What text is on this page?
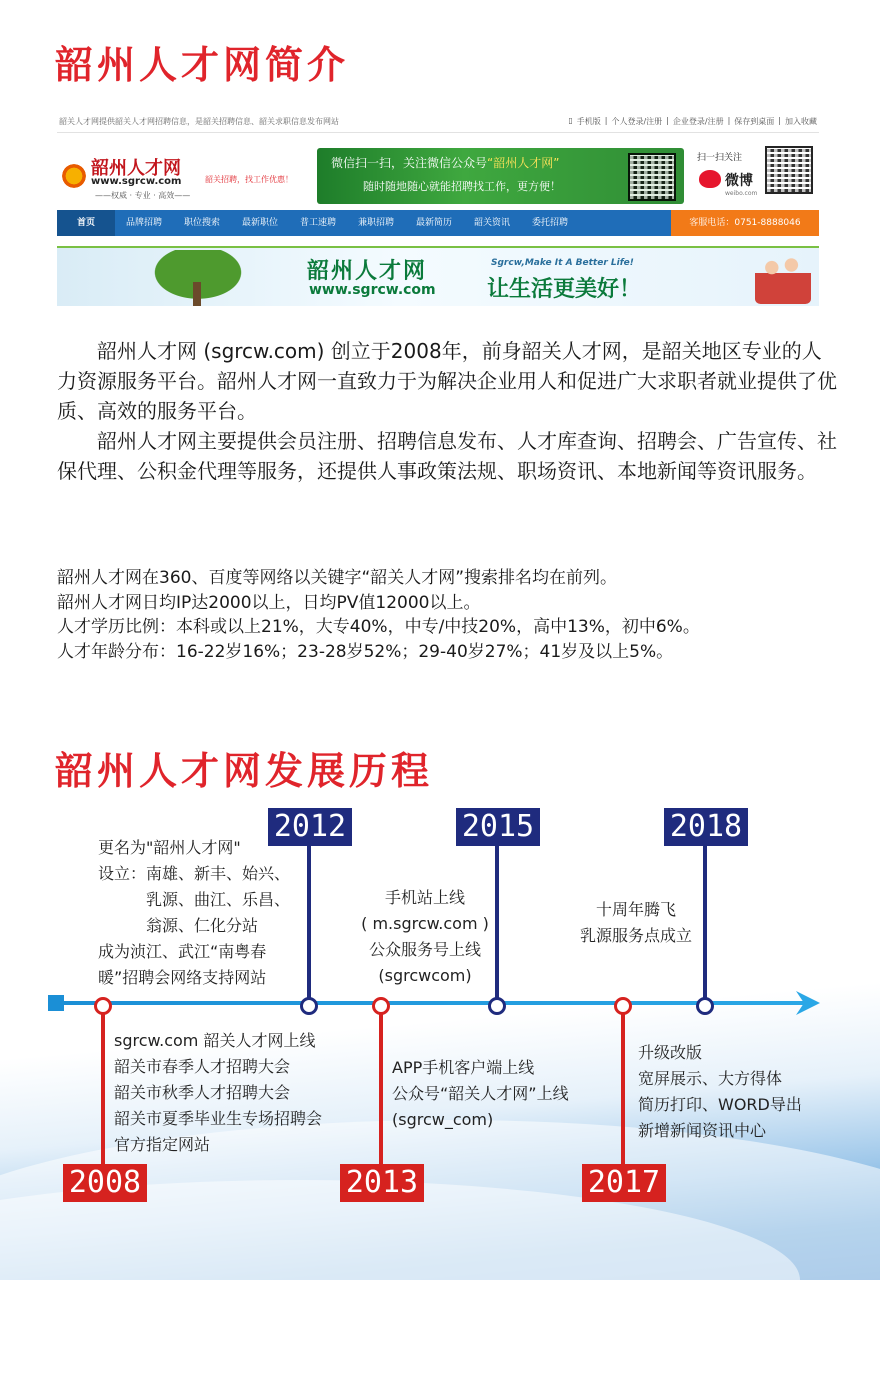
韶州人才网简介
韶关人才网提供韶关人才网招聘信息，是韶关招聘信息、韶关求职信息发布网站	▯ 手机版 | 个人登录/注册 | 企业登录/注册 | 保存到桌面 | 加入收藏
韶州人才网
www.sgrcw.com
——权威 · 专业 · 高效——
韶关招聘，找工作优惠！
微信扫一扫，关注微信公众号“韶州人才网”
随时随地随心就能招聘找工作，更方便！
扫一扫关注
微博
weibo.com
首页	品牌招聘	职位搜索	最新职位	普工速聘	兼职招聘	最新简历	韶关资讯	委托招聘	客服电话：0751-8888046
韶州人才网
www.sgrcw.com
Sgrcw,Make It A Better Life!
让生活更美好！

　　韶州人才网 (sgrcw.com) 创立于2008年，前身韶关人才网，是韶关地区专业的人力资源服务平台。韶州人才网一直致力于为解决企业用人和促进广大求职者就业提供了优质、高效的服务平台。

　　韶州人才网主要提供会员注册、招聘信息发布、人才库查询、招聘会、广告宣传、社保代理、公积金代理等服务，还提供人事政策法规、职场资讯、本地新闻等资讯服务。

韶州人才网在360、百度等网络以关键字“韶关人才网”搜索排名均在前列。
韶州人才网日均IP达2000以上，日均PV值12000以上。
人才学历比例：本科或以上21%，大专40%，中专/中技20%，高中13%，初中6%。
人才年龄分布：16-22岁16%；23-28岁52%；29-40岁27%；41岁及以上5%。
韶州人才网发展历程
2012	2015	2018
2008	2013	2017
更名为"韶州人才网"
设立：南雄、新丰、始兴、
　　　乳源、曲江、乐昌、
　　　翁源、仁化分站
成为浈江、武江“南粤春
暖”招聘会网络支持网站
手机站上线
( m.sgrcw.com )
公众服务号上线
(sgrcwcom)
十周年腾飞
乳源服务点成立
sgrcw.com 韶关人才网上线
韶关市春季人才招聘大会
韶关市秋季人才招聘大会
韶关市夏季毕业生专场招聘会
官方指定网站
APP手机客户端上线
公众号“韶关人才网”上线
(sgrcw_com)
升级改版
宽屏展示、大方得体
简历打印、WORD导出
新增新闻资讯中心
